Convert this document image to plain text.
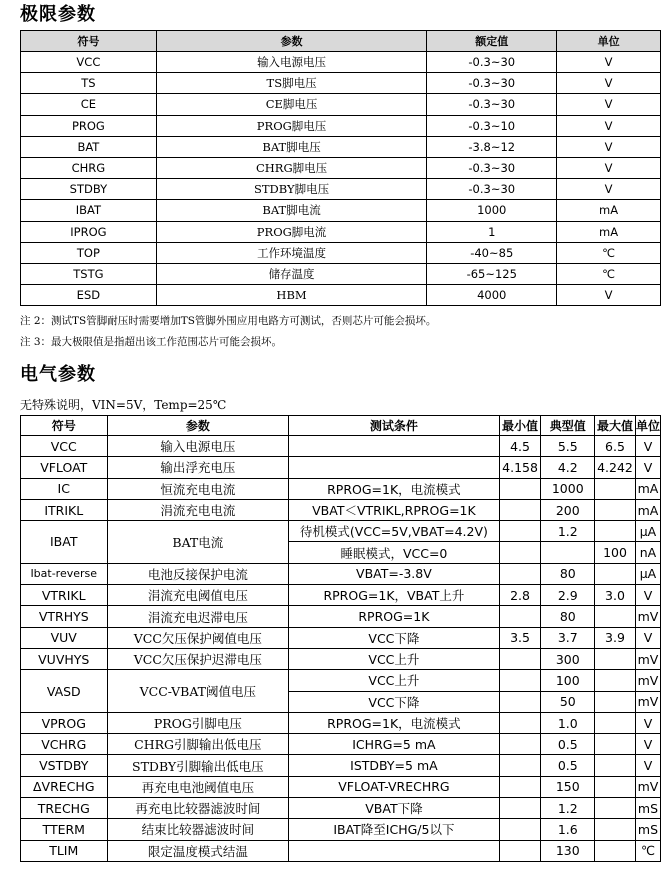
极限参数
符号	参数	额定值	单位
VCC	输入电源电压	-0.3~30	V
TS	TS脚电压	-0.3~30	V
CE	CE脚电压	-0.3~30	V
PROG	PROG脚电压	-0.3~10	V
BAT	BAT脚电压	-3.8~12	V
CHRG	CHRG脚电压	-0.3~30	V
STDBY	STDBY脚电压	-0.3~30	V
IBAT	BAT脚电流	1000	mA
IPROG	PROG脚电流	1	mA
TOP	工作环境温度	-40~85	℃
TSTG	储存温度	-65~125	℃
ESD	HBM	4000	V
注 2：测试TS管脚耐压时需要增加TS管脚外围应用电路方可测试，否则芯片可能会损坏。
注 3：最大极限值是指超出该工作范围芯片可能会损坏。
电气参数
无特殊说明，VIN=5V，Temp=25℃
符号	参数	测试条件	最小值	典型值	最大值	单位
VCC	输入电源电压		4.5	5.5	6.5	V
VFLOAT	输出浮充电压		4.158	4.2	4.242	V
IC	恒流充电电流	RPROG=1K，电流模式		1000		mA
ITRIKL	涓流充电电流	VBAT＜VTRIKL,RPROG=1K		200		mA
IBAT	BAT电流	待机模式(VCC=5V,VBAT=4.2V)		1.2		μA
		睡眠模式，VCC=0			100	nA
Ibat-reverse	电池反接保护电流	VBAT=-3.8V		80		μA
VTRIKL	涓流充电阈值电压	RPROG=1K，VBAT上升	2.8	2.9	3.0	V
VTRHYS	涓流充电迟滞电压	RPROG=1K		80		mV
VUV	VCC欠压保护阈值电压	VCC下降	3.5	3.7	3.9	V
VUVHYS	VCC欠压保护迟滞电压	VCC上升		300		mV
VASD	VCC-VBAT阈值电压	VCC上升		100		mV
		VCC下降		50		mV
VPROG	PROG引脚电压	RPROG=1K，电流模式		1.0		V
VCHRG	CHRG引脚输出低电压	ICHRG=5 mA		0.5		V
VSTDBY	STDBY引脚输出低电压	ISTDBY=5 mA		0.5		V
ΔVRECHG	再充电电池阈值电压	VFLOAT-VRECHRG		150		mV
TRECHG	再充电比较器滤波时间	VBAT下降		1.2		mS
TTERM	结束比较器滤波时间	IBAT降至ICHG/5以下		1.6		mS
TLIM	限定温度模式结温			130		℃
